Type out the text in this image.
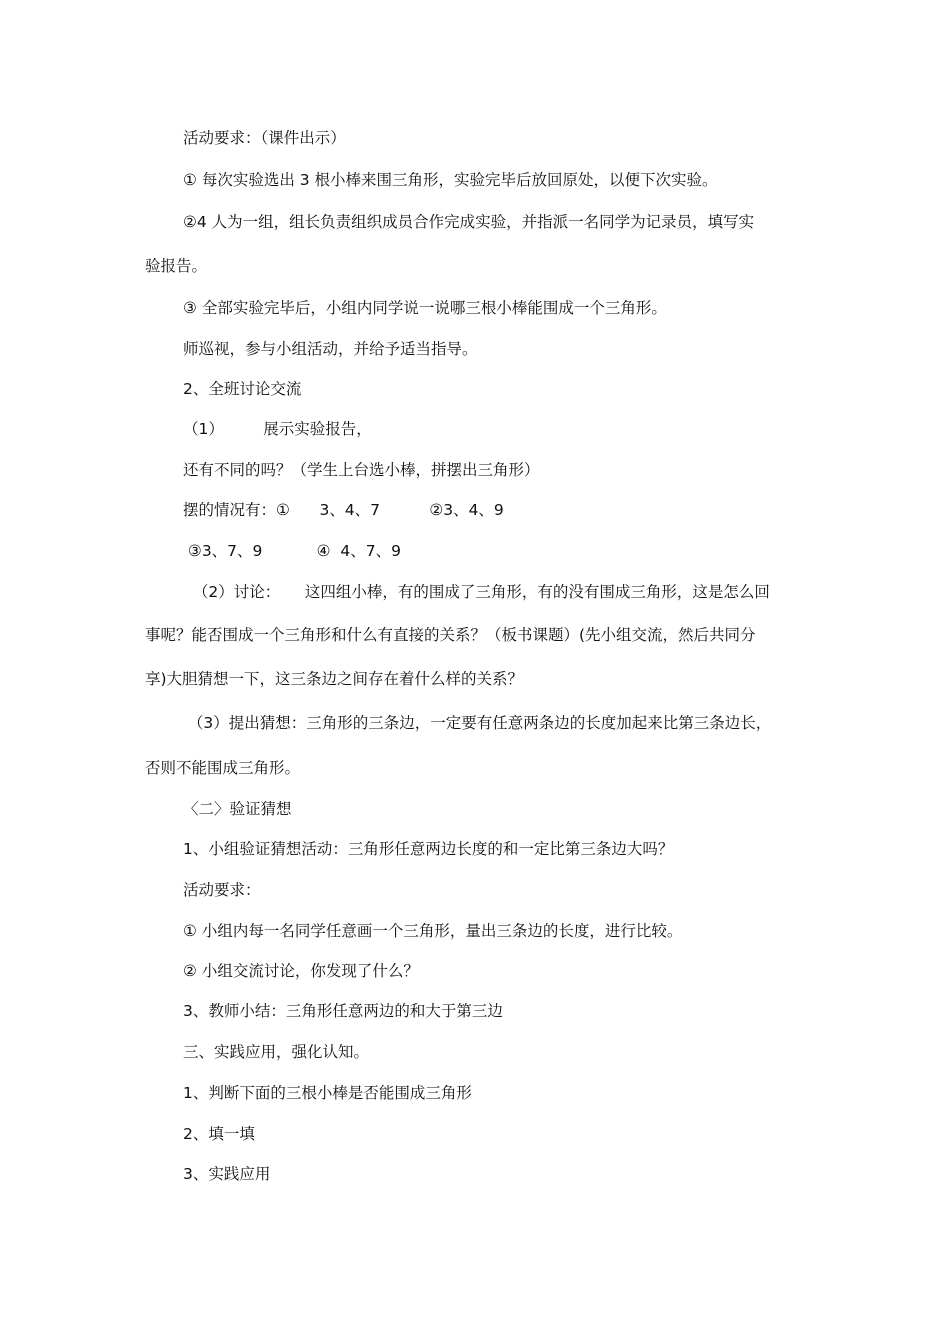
活动要求：（课件出示）
① 每次实验选出 3 根小棒来围三角形，实验完毕后放回原处，以便下次实验。
②4 人为一组，组长负责组织成员合作完成实验，并指派一名同学为记录员，填写实
验报告。
③ 全部实验完毕后，小组内同学说一说哪三根小棒能围成一个三角形。
师巡视，参与小组活动，并给予适当指导。
2、全班讨论交流
（1）        展示实验报告，
还有不同的吗？（学生上台选小棒，拼摆出三角形）
摆的情况有：①      3、4、7          ②3、4、9
③3、7、9           ④  4、7、9
（2）讨论：     这四组小棒，有的围成了三角形，有的没有围成三角形，这是怎么回
事呢？能否围成一个三角形和什么有直接的关系？（板书课题）(先小组交流，然后共同分
享)大胆猜想一下，这三条边之间存在着什么样的关系？
（3）提出猜想：三角形的三条边，一定要有任意两条边的长度加起来比第三条边长，
否则不能围成三角形。
〈二〉验证猜想
1、小组验证猜想活动：三角形任意两边长度的和一定比第三条边大吗？
活动要求：
① 小组内每一名同学任意画一个三角形，量出三条边的长度，进行比较。
② 小组交流讨论，你发现了什么？
3、教师小结：三角形任意两边的和大于第三边
三、实践应用，强化认知。
1、判断下面的三根小棒是否能围成三角形
2、填一填
3、实践应用
